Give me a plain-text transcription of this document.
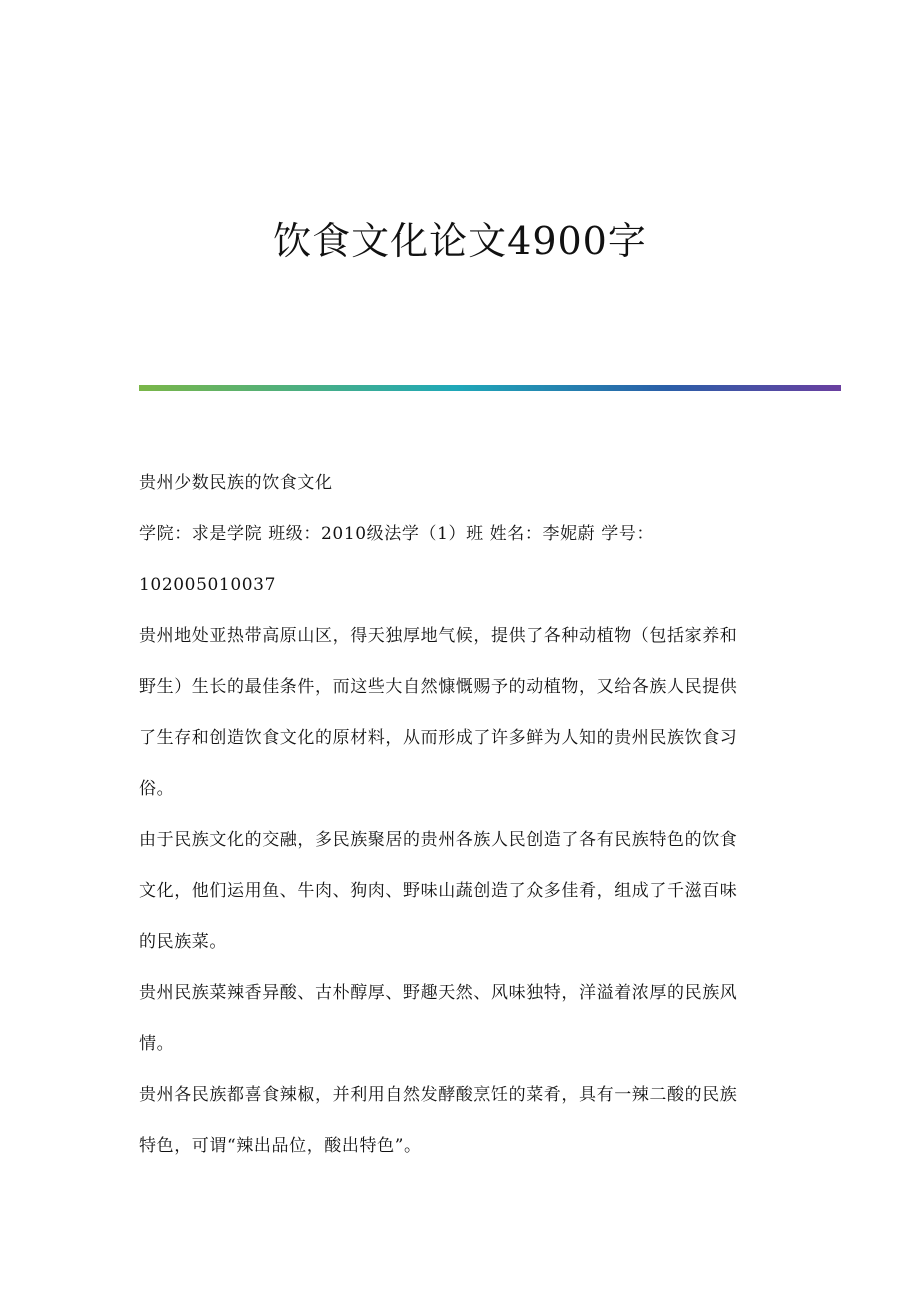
饮食文化论文4900字
贵州少数民族的饮食文化
学院：求是学院 班级：2010级法学（1）班 姓名：李妮蔚 学号：
102005010037
贵州地处亚热带高原山区，得天独厚地气候，提供了各种动植物（包括家养和
野生）生长的最佳条件，而这些大自然慷慨赐予的动植物，又给各族人民提供
了生存和创造饮食文化的原材料，从而形成了许多鲜为人知的贵州民族饮食习
俗。
由于民族文化的交融，多民族聚居的贵州各族人民创造了各有民族特色的饮食
文化，他们运用鱼、牛肉、狗肉、野味山蔬创造了众多佳肴，组成了千滋百味
的民族菜。
贵州民族菜辣香异酸、古朴醇厚、野趣天然、风味独特，洋溢着浓厚的民族风
情。
贵州各民族都喜食辣椒，并利用自然发酵酸烹饪的菜肴，具有一辣二酸的民族
特色，可谓“辣出品位，酸出特色”。
